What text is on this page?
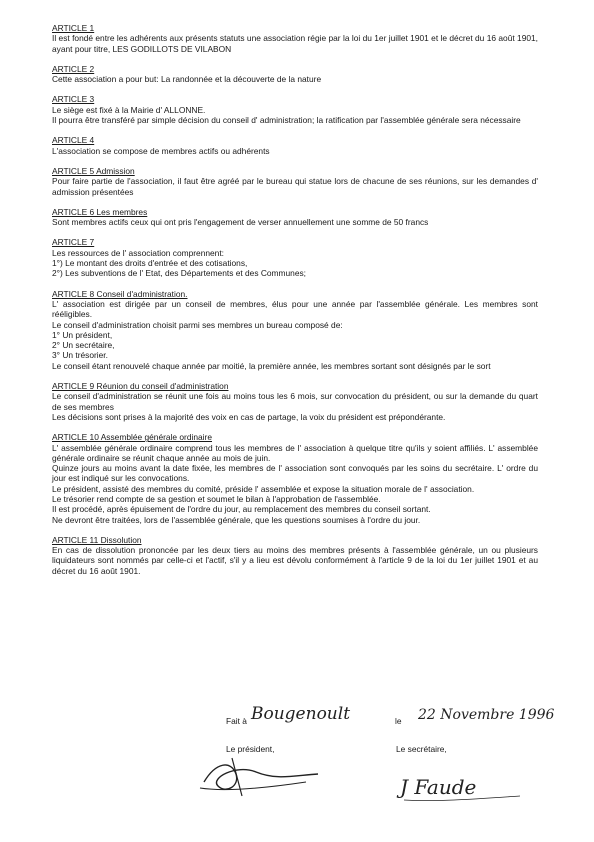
ARTICLE 1

Il est fondé entre les adhérents aux présents statuts une association régie par la loi du 1er juillet 1901 et le décret du 16 août 1901, ayant pour titre, LES GODILLOTS DE VILABON

ARTICLE 2

Cette association a pour but: La randonnée et la découverte de la nature

ARTICLE 3

Le siège est fixé à la Mairie d' ALLONNE.

Il pourra être transféré par simple décision du conseil d' administration; la ratification par l'assemblée générale sera nécessaire

ARTICLE 4

L'association se compose de membres actifs ou adhérents

ARTICLE 5 Admission

Pour faire partie de l'association, il faut être agréé par le bureau qui statue lors de chacune de ses réunions, sur les demandes d' admission présentées

ARTICLE 6 Les membres

Sont membres actifs ceux qui ont pris l'engagement de verser annuellement une somme de 50 francs

ARTICLE 7

Les ressources de l' association comprennent:

1°) Le montant des droits d'entrée et des cotisations,

2°) Les subventions de l' Etat, des Départements et des Communes;

ARTICLE 8 Conseil d'administration.

L' association est dirigée par un conseil de membres, élus pour une année par l'assemblée générale. Les membres sont rééligibles.

Le conseil d'administration choisit parmi ses membres un bureau composé de:

1° Un président,

2° Un secrétaire,

3° Un trésorier.

Le conseil étant renouvelé chaque année par moitié, la première année, les membres sortant sont désignés par le sort

ARTICLE 9 Réunion du conseil d'administration

Le conseil d'administration se réunit une fois au moins tous les 6 mois, sur convocation du président, ou sur la demande du quart de ses membres

Les décisions sont prises à la majorité des voix en cas de partage, la voix du président est prépondérante.

ARTICLE 10 Assemblée générale ordinaire

L' assemblée générale ordinaire comprend tous les membres de l' association à quelque titre qu'ils y soient affiliés. L' assemblée générale ordinaire se réunit chaque année au mois de juin.

Quinze jours au moins avant la date fixée, les membres de l' association sont convoqués par les soins du secrétaire. L' ordre du jour est indiqué sur les convocations.

Le président, assisté des membres du comité, préside l' assemblée et expose la situation morale de l' association.

Le trésorier rend compte de sa gestion et soumet le bilan à l'approbation de l'assemblée.

Il est procédé, après épuisement de l'ordre du jour, au remplacement des membres du conseil sortant.

Ne devront être traitées, lors de l'assemblée générale, que les questions soumises à l'ordre du jour.

ARTICLE 11 Dissolution

En cas de dissolution prononcée par les deux tiers au moins des membres présents à l'assemblée générale, un ou plusieurs liquidateurs sont nommés par celle-ci et l'actif, s'il y a lieu est dévolu conformément à l'article 9 de la loi du 1er juillet 1901 et au décret du 16 août 1901.

Fait à Bougenoult	le 22 Novembre 1996
Le président,	Le secrétaire,
J Faude
